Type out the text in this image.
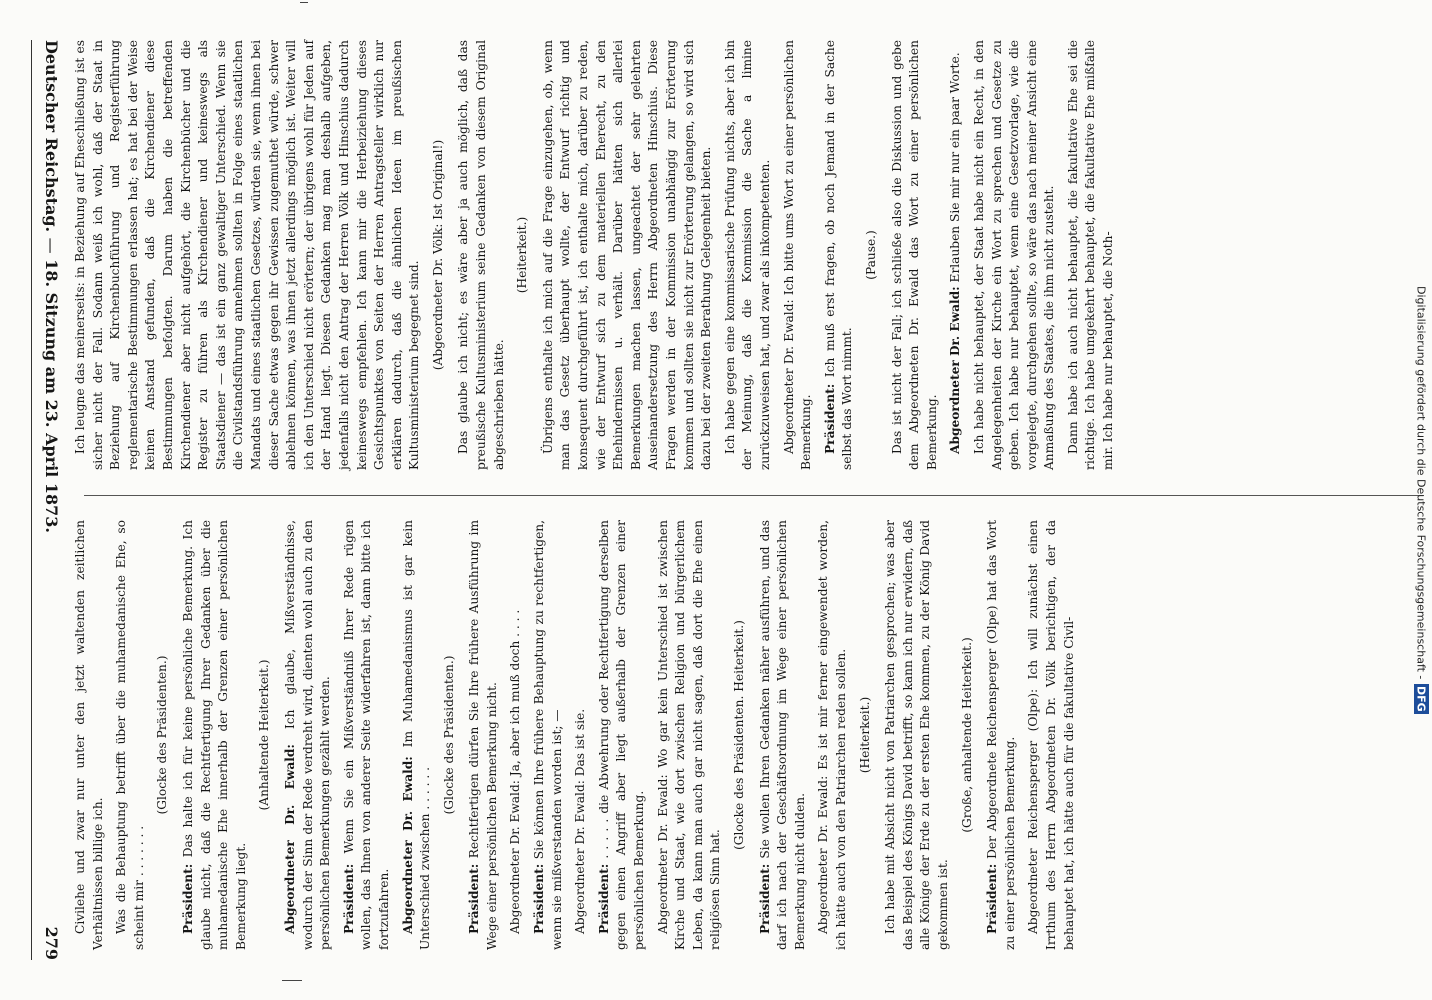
Deutscher Reichstag. — 18. Sitzung am 23. April 1873.
279

Ich leugne das meinerseits: in Beziehung auf Eheschließung ist es sicher nicht der Fall. Sodann weiß ich wohl, daß der Staat in Beziehung auf Kirchenbuchführung und Registerführung reglementarische Bestimmungen erlassen hat; es hat bei der Weise keinen Anstand gefunden, daß die Kirchendiener diese Bestimmungen befolgten. Darum haben die betreffenden Kirchendiener aber nicht aufgehört, die Kirchenbücher und die Register zu führen als Kirchendiener und keineswegs als Staatsdiener — das ist ein ganz gewaltiger Unterschied. Wenn sie die Civilstandsführung annehmen sollten in Folge eines staatlichen Mandats und eines staatlichen Gesetzes, würden sie, wenn ihnen bei dieser Sache etwas gegen ihr Gewissen zugemuthet würde, schwer ablehnen können, was ihnen jetzt allerdings möglich ist. Weiter will ich den Unterschied nicht erörtern; der übrigens wohl für Jeden auf der Hand liegt. Diesen Gedanken mag man deshalb aufgeben, jedenfalls nicht den Antrag der Herren Völk und Hinschius dadurch keineswegs empfehlen. Ich kann mir die Herbeiziehung dieses Gesichtspunktes von Seiten der Herren Antragsteller wirklich nur erklären dadurch, daß die ähnlichen Ideen im preußischen Kultusministerium begegnet sind. (Abgeordneter Dr. Völk: Ist Original!) Das glaube ich nicht; es wäre aber ja auch möglich, daß das preußische Kultusministerium seine Gedanken von diesem Original abgeschrieben hätte.

(Heiterkeit.) Übrigens enthalte ich mich auf die Frage einzugehen, ob, wenn man das Gesetz überhaupt wollte, der Entwurf richtig und konsequent durchgeführt ist, ich enthalte mich, darüber zu reden, wie der Entwurf sich zu dem materiellen Eherecht, zu den Ehehindernissen u. verhält. Darüber hätten sich allerlei Bemerkungen machen lassen, ungeachtet der sehr gelehrten Auseinandersetzung des Herrn Abgeordneten Hinschius. Diese Fragen werden in der Kommission unabhängig zur Erörterung kommen und sollten sie nicht zur Erörterung gelangen, so wird sich dazu bei der zweiten Berathung Gelegenheit bieten. Ich habe gegen eine kommissarische Prüfung nichts, aber ich bin der Meinung, daß die Kommission die Sache a limine zurückzuweisen hat, und zwar als inkompetenten. Abgeordneter Dr. Ewald: Ich bitte ums Wort zu einer persönlichen Bemerkung. Präsident: Ich muß erst fragen, ob noch Jemand in der Sache selbst das Wort nimmt.

(Pause.) Das ist nicht der Fall; ich schließe also die Diskussion und gebe dem Abgeordneten Dr. Ewald das Wort zu einer persönlichen Bemerkung. Abgeordneter Dr. Ewald: Erlauben Sie mir nur ein paar Worte. Ich habe nicht behauptet, der Staat habe nicht ein Recht, in den Angelegenheiten der Kirche ein Wort zu sprechen und Gesetze zu geben. Ich habe nur behauptet, wenn eine Gesetzvorlage, wie die vorgelegte, durchgehen sollte, so wäre das nach meiner Ansicht eine Anmaßung des Staates, die ihm nicht zusteht. Dann habe ich auch nicht behauptet, die fakultative Ehe sei die richtige. Ich habe umgekehrt behauptet, die fakultative Ehe mißfalle mir. Ich habe nur behauptet, die Noth-

Civilehe und zwar nur unter den jetzt waltenden zeitlichen Verhältnissen billige ich. Was die Behauptung betrifft über die muhamedanische Ehe, so scheint mir . . . . . . .

(Glocke des Präsidenten.)

Präsident: Das halte ich für keine persönliche Bemerkung. Ich glaube nicht, daß die Rechtfertigung Ihrer Gedanken über die muhamedanische Ehe innerhalb der Grenzen einer persönlichen Bemerkung liegt.

(Anhaltende Heiterkeit.)

Abgeordneter Dr. Ewald: Ich glaube, Mißverständnisse, wodurch der Sinn der Rede verdreht wird, dienten wohl auch zu den persönlichen Bemerkungen gezählt werden. Präsident: Wenn Sie ein Mißverständniß Ihrer Rede rügen wollen, das Ihnen von anderer Seite widerfahren ist, dann bitte ich fortzufahren. Abgeordneter Dr. Ewald: Im Muhamedanismus ist gar kein Unterschied zwischen . . . . . .

(Glocke des Präsidenten.)

Präsident: Rechtfertigen dürfen Sie Ihre frühere Ausführung im Wege einer persönlichen Bemerkung nicht. Abgeordneter Dr. Ewald: Ja, aber ich muß doch . . . . Präsident: Sie können Ihre frühere Behauptung zu rechtfertigen, wenn sie mißverstanden worden ist; — Abgeordneter Dr. Ewald: Das ist sie. Präsident: . . . . . die Abwehrung oder Rechtfertigung derselben gegen einen Angriff aber liegt außerhalb der Grenzen einer persönlichen Bemerkung. Abgeordneter Dr. Ewald: Wo gar kein Unterschied ist zwischen Kirche und Staat, wie dort zwischen Religion und bürgerlichem Leben, da kann man auch gar nicht sagen, daß dort die Ehe einen religiösen Sinn hat.

(Glocke des Präsidenten. Heiterkeit.)

Präsident: Sie wollen Ihren Gedanken näher ausführen, und das darf ich nach der Geschäftsordnung im Wege einer persönlichen Bemerkung nicht dulden. Abgeordneter Dr. Ewald: Es ist mir ferner eingewendet worden, ich hätte auch von den Patriarchen reden sollen. (Heiterkeit.) Ich habe mit Absicht nicht von Patriarchen gesprochen; was aber das Beispiel des Königs David betrifft, so kann ich nur erwidern, daß alle Könige der Erde zu der ersten Ehe kommen, zu der König David gekommen ist.

(Große, anhaltende Heiterkeit.)

Präsident: Der Abgeordnete Reichensperger (Olpe) hat das Wort zu einer persönlichen Bemerkung. Abgeordneter Reichensperger (Olpe): Ich will zunächst einen Irrthum des Herrn Abgeordneten Dr. Völk berichtigen, der da behauptet hat, ich hätte auch für die fakultative Civil-

Digitalisierung gefördert durch die Deutsche Forschungsgemeinschaft -
DFG
